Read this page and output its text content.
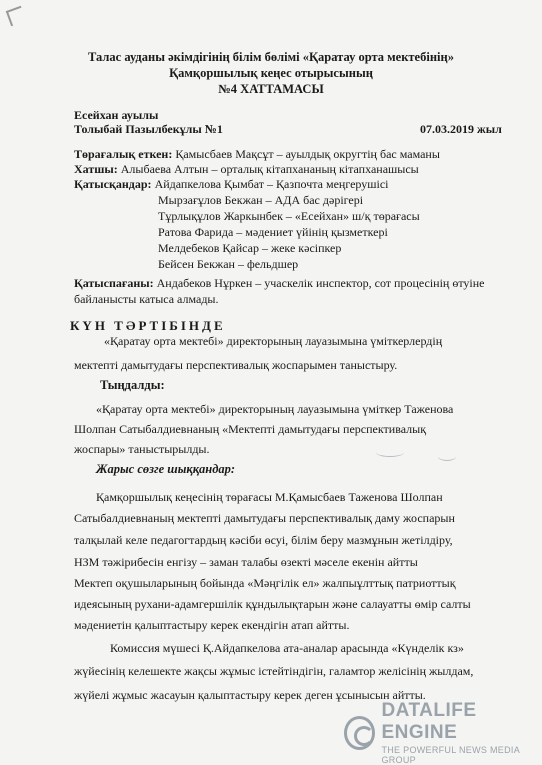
Талас ауданы әкімдігінің білім бөлімі «Қаратау орта мектебінің»
Қамқоршылық кеңес отырысының
№4 ХАТТАМАСЫ
Есейхан ауылы
Толыбай Пазылбекұлы №1	07.03.2019 жыл
Төрағалық еткен: Қамысбаев Мақсұт – ауылдық округтің бас маманы
Хатшы: Алыбаева Алтын – орталық кітапхананың кітапханашысы
Қатысқандар: Айдапкелова Қымбат – Қазпочта меңгерушісі
Мырзағұлов Бекжан – АДА бас дәрігері
Тұрлықұлов Жаркынбек – «Есейхан» ш/қ төрағасы
Ратова Фарида – мәдениет үйінің қызметкері
Мелдебеков Қайсар – жеке кәсіпкер
Бейсен Бекжан – фельдшер
Қатыспағаны: Андабеков Нұркен – учаскелік инспектор, сот процесінің өтуіне
байланысты катыса алмады.
КҮН ТӘРТІБІНДЕ
«Қаратау орта мектебі» директорының лауазымына үміткерлердің
мектепті дамытудағы перспективалық жоспарымен таныстыру.
Тыңдалды:
«Қаратау орта мектебі» директорының лауазымына үміткер Таженова
Шолпан Сатыбалдиевнаның «Мектепті дамытудағы перспективалық
жоспары» таныстырылды.
Жарыс сөзге шыққандар:
Қамқоршылық кеңесінің төрағасы М.Қамысбаев Таженова Шолпан
Сатыбалдиевнаның мектепті дамытудағы перспективалық даму жоспарын
талқылай келе педагогтардың кәсіби өсуі, білім беру мазмұнын жетілдіру,
НЗМ тәжірибесін енгізу – заман талабы өзекті мәселе екенін айтты
Мектеп оқушыларының бойында «Мәңгілік ел» жалпыұлттық патриоттық
идеясының рухани-адамгершілік құндылықтарын және салауатты өмір салты
мәдениетін қалыптастыру керек екендігін атап айтты.
Комиссия мүшесі Қ.Айдапкелова ата-аналар арасында «Күнделік кз»
жүйесінің келешекте жақсы жұмыс істейтіндігін, галамтор желісінің жылдам,
жүйелі жұмыс жасауын қалыптастыру керек деген ұсынысын айтты.
DATALIFE ENGINE
THE POWERFUL NEWS MEDIA GROUP
